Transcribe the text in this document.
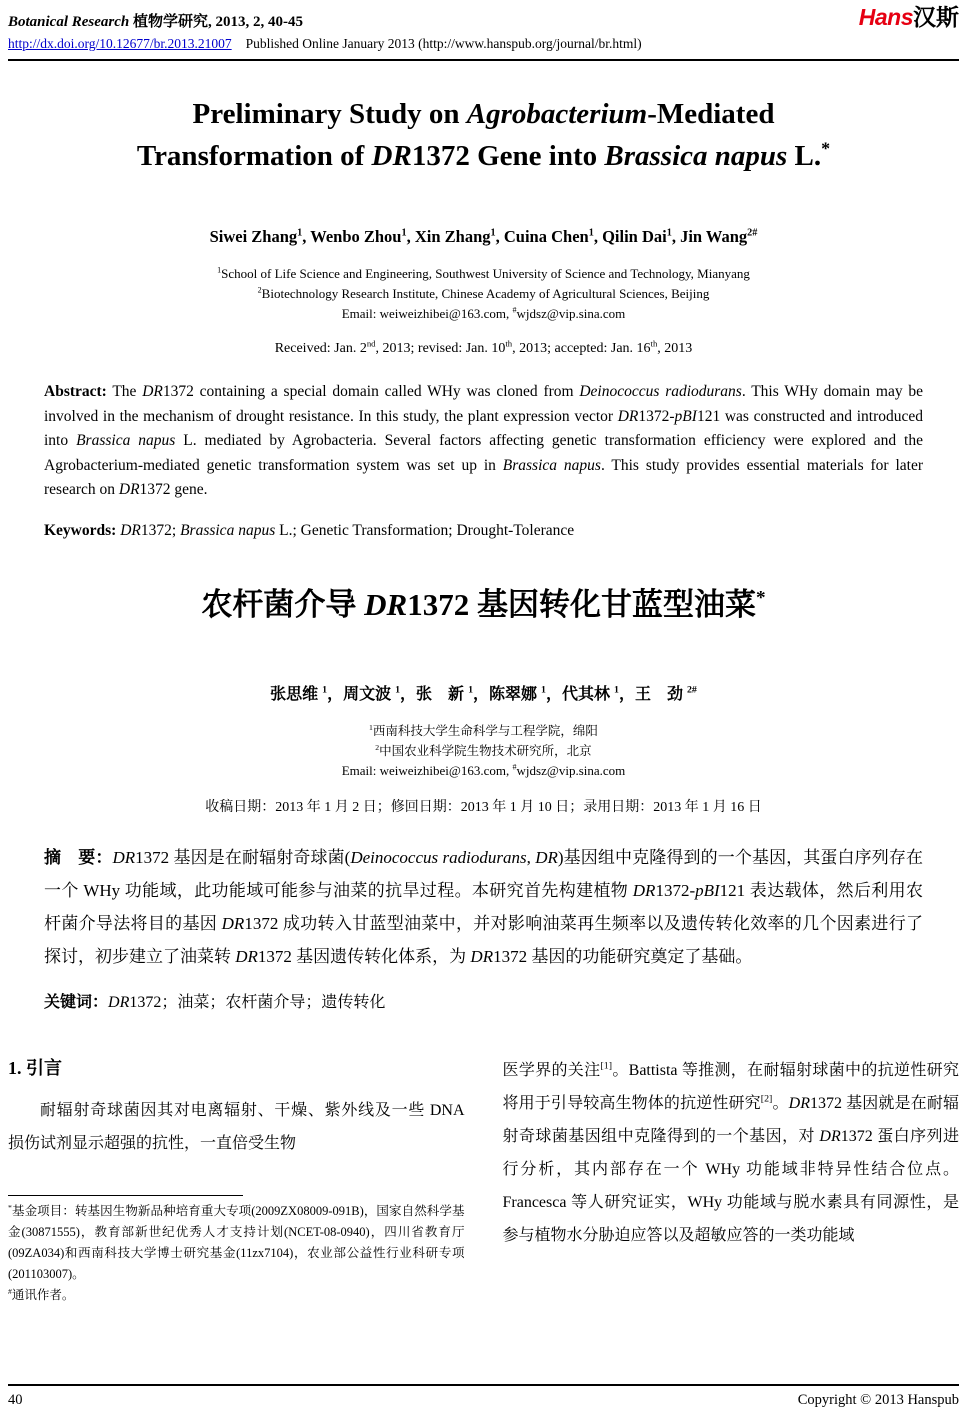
Botanical Research 植物学研究, 2013, 2, 40-45	Hans汉斯
http://dx.doi.org/10.12677/br.2013.21007 Published Online January 2013 (http://www.hanspub.org/journal/br.html)
Preliminary Study on Agrobacterium-Mediated
Transformation of DR1372 Gene into Brassica napus L.*
Siwei Zhang$^1$, Wenbo Zhou$^1$, Xin Zhang$^1$, Cuina Chen$^1$, Qilin Dai$^1$, Jin Wang$^{2\#}$
$^1$School of Life Science and Engineering, Southwest University of Science and Technology, Mianyang
$^2$Biotechnology Research Institute, Chinese Academy of Agricultural Sciences, Beijing
Email: weiweizhibei@163.com, #wjdsz@vip.sina.com
Received: Jan. 2nd, 2013; revised: Jan. 10th, 2013; accepted: Jan. 16th, 2013

Abstract: The DR1372 containing a special domain called WHy was cloned from Deinococcus radiodurans. This WHy domain may be involved in the mechanism of drought resistance. In this study, the plant expression vector DR1372-pBI121 was constructed and introduced into Brassica napus L. mediated by Agrobacteria. Several factors affecting genetic transformation efficiency were explored and the Agrobacterium-mediated genetic transformation system was set up in Brassica napus. This study provides essential materials for later research on DR1372 gene.

Keywords: DR1372; Brassica napus L.; Genetic Transformation; Drought-Tolerance

农杆菌介导 DR1372 基因转化甘蓝型油菜*
张思维 $^1$，周文波 $^1$，张　新 $^1$，陈翠娜 $^1$，代其林 $^1$，王　劲 $^{2\#}$
$^1$西南科技大学生命科学与工程学院，绵阳
$^2$中国农业科学院生物技术研究所，北京
Email: weiweizhibei@163.com, #wjdsz@vip.sina.com
收稿日期：2013 年 1 月 2 日；修回日期：2013 年 1 月 10 日；录用日期：2013 年 1 月 16 日

摘　要：DR1372 基因是在耐辐射奇球菌(Deinococcus radiodurans, DR)基因组中克隆得到的一个基因，其蛋白序列存在一个 WHy 功能域，此功能域可能参与油菜的抗旱过程。本研究首先构建植物 DR1372-pBI121 表达载体，然后利用农杆菌介导法将目的基因 DR1372 成功转入甘蓝型油菜中，并对影响油菜再生频率以及遗传转化效率的几个因素进行了探讨，初步建立了油菜转 DR1372 基因遗传转化体系，为 DR1372 基因的功能研究奠定了基础。

关键词：DR1372；油菜；农杆菌介导；遗传转化

1. 引言

耐辐射奇球菌因其对电离辐射、干燥、紫外线及一些 DNA 损伤试剂显示超强的抗性，一直倍受生物

*基金项目：转基因生物新品种培育重大专项(2009ZX08009-091B)，国家自然科学基金(30871555)，教育部新世纪优秀人才支持计划(NCET-08-0940)，四川省教育厅(09ZA034)和西南科技大学博士研究基金(11zx7104)，农业部公益性行业科研专项(201103007)。

#通讯作者。

医学界的关注[1]。Battista 等推测，在耐辐射球菌中的抗逆性研究将用于引导较高生物体的抗逆性研究[2]。DR1372 基因就是在耐辐射奇球菌基因组中克隆得到的一个基因，对 DR1372 蛋白序列进行分析，其内部存在一个 WHy 功能域非特异性结合位点。Francesca 等人研究证实，WHy 功能域与脱水素具有同源性，是参与植物水分胁迫应答以及超敏应答的一类功能域

40	Copyright © 2013 Hanspub
